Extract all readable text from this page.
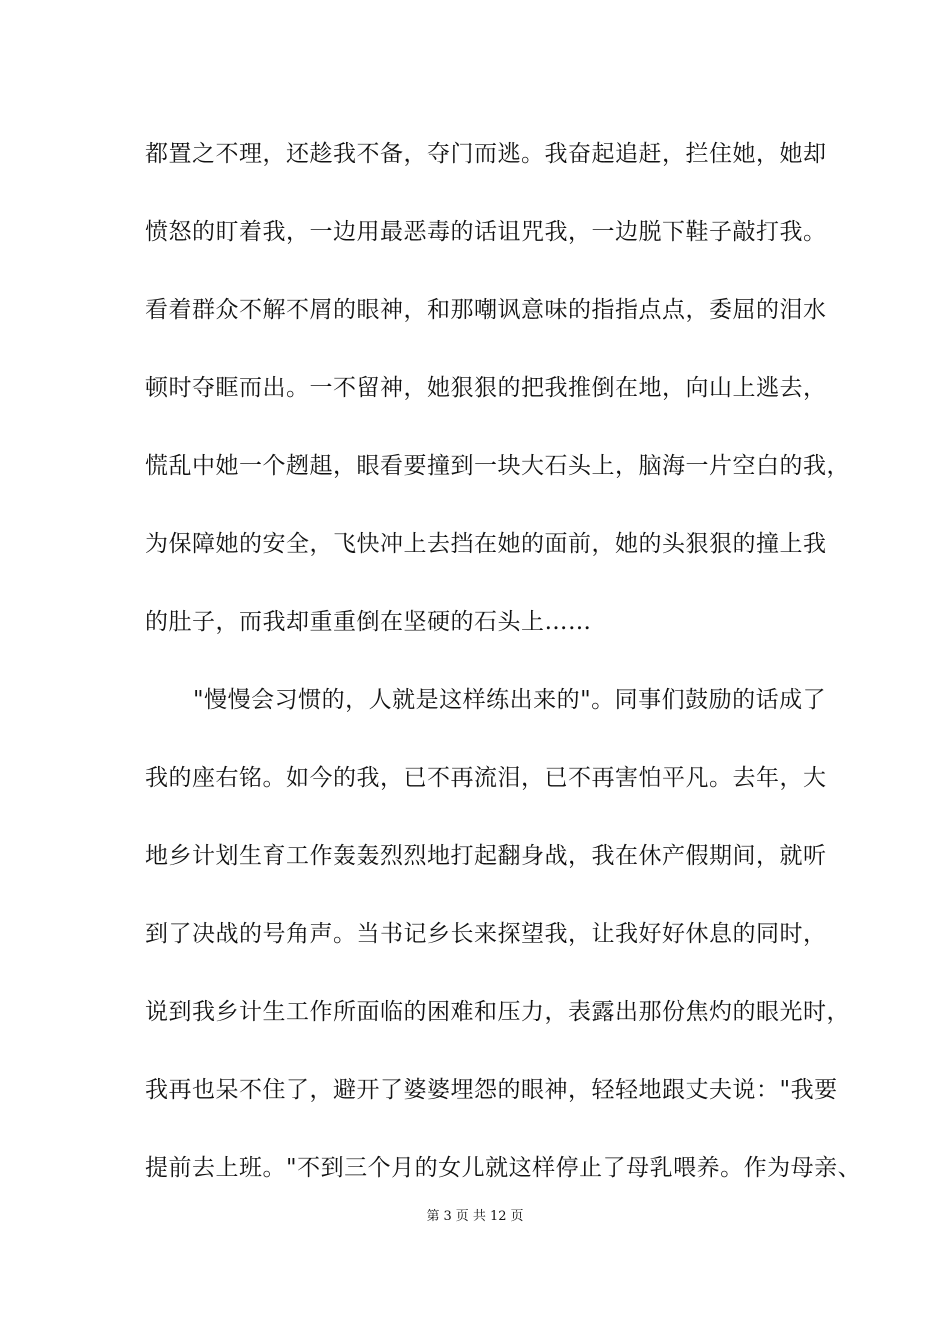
都置之不理，还趁我不备，夺门而逃。我奋起追赶，拦住她，她却
愤怒的盯着我，一边用最恶毒的话诅咒我，一边脱下鞋子敲打我。
看着群众不解不屑的眼神，和那嘲讽意味的指指点点，委屈的泪水
顿时夺眶而出。一不留神，她狠狠的把我推倒在地，向山上逃去，
慌乱中她一个趔趄，眼看要撞到一块大石头上，脑海一片空白的我，
为保障她的安全，飞快冲上去挡在她的面前，她的头狠狠的撞上我
的肚子，而我却重重倒在坚硬的石头上……
"慢慢会习惯的，人就是这样练出来的"。同事们鼓励的话成了
我的座右铭。如今的我，已不再流泪，已不再害怕平凡。去年，大
地乡计划生育工作轰轰烈烈地打起翻身战，我在休产假期间，就听
到了决战的号角声。当书记乡长来探望我，让我好好休息的同时，
说到我乡计生工作所面临的困难和压力，表露出那份焦灼的眼光时，
我再也呆不住了，避开了婆婆埋怨的眼神，轻轻地跟丈夫说："我要
提前去上班。"不到三个月的女儿就这样停止了母乳喂养。作为母亲、
第 3 页 共 12 页
